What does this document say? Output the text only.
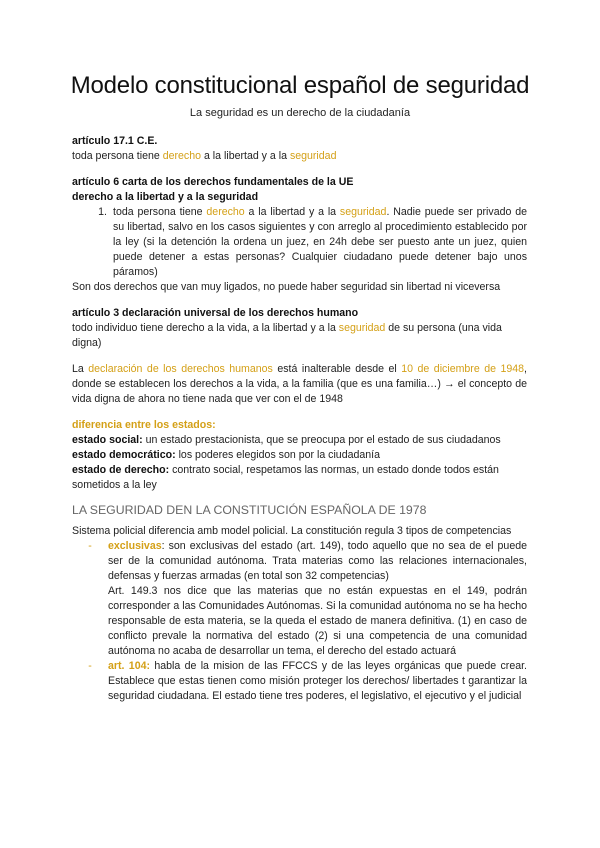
Modelo constitucional español de seguridad

La seguridad es un derecho de la ciudadanía

artículo 17.1 C.E.

toda persona tiene derecho a la libertad y a la seguridad

artículo 6 carta de los derechos fundamentales de la UE

derecho a la libertad y a la seguridad

1. toda persona tiene derecho a la libertad y a la seguridad. Nadie puede ser privado de su libertad, salvo en los casos siguientes y con arreglo al procedimiento establecido por la ley (si la detención la ordena un juez, en 24h debe ser puesto ante un juez, quien puede detener a estas personas? Cualquier ciudadano puede detener bajo unos páramos)

Son dos derechos que van muy ligados, no puede haber seguridad sin libertad ni viceversa

artículo 3 declaración universal de los derechos humano

todo individuo tiene derecho a la vida, a la libertad y a la seguridad de su persona (una vida digna)

La declaración de los derechos humanos está inalterable desde el 10 de diciembre de 1948, donde se establecen los derechos a la vida, a la familia (que es una familia…) → el concepto de vida digna de ahora no tiene nada que ver con el de 1948

diferencia entre los estados:

estado social: un estado prestacionista, que se preocupa por el estado de sus ciudadanos

estado democrático: los poderes elegidos son por la ciudadanía

estado de derecho: contrato social, respetamos las normas, un estado donde todos están sometidos a la ley

LA SEGURIDAD DEN LA CONSTITUCIÓN ESPAÑOLA DE 1978

Sistema policial diferencia amb model policial. La constitución regula 3 tipos de competencias

-	exclusivas: son exclusivas del estado (art. 149), todo aquello que no sea de el puede ser de la comunidad autónoma. Trata materias como las relaciones internacionales, defensas y fuerzas armadas (en total son 32 competencias)

Art. 149.3 nos dice que las materias que no están expuestas en el 149, podrán corresponder a las Comunidades Autónomas. Si la comunidad autónoma no se ha hecho responsable de esta materia, se la queda el estado de manera definitiva. (1) en caso de conflicto prevale la normativa del estado (2) si una competencia de una comunidad autónoma no acaba de desarrollar un tema, el derecho del estado actuará

-	art. 104: habla de la mision de las FFCCS y de las leyes orgánicas que puede crear. Establece que estas tienen como misión proteger los derechos/ libertades t garantizar la seguridad ciudadana. El estado tiene tres poderes, el legislativo, el ejecutivo y el judicial
